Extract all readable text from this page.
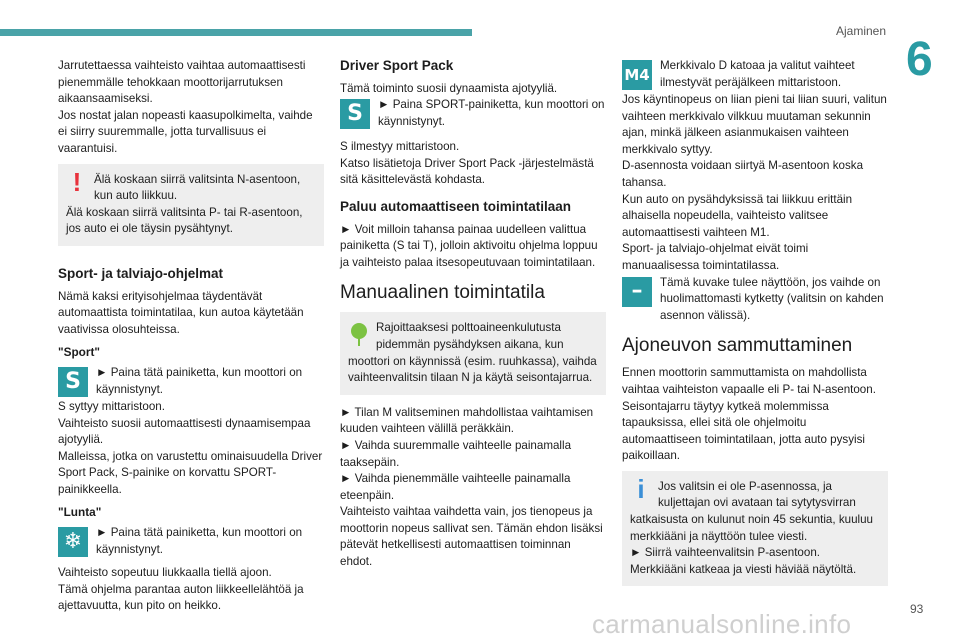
Ajaminen
6

Jarrutettaessa vaihteisto vaihtaa automaattisesti pienemmälle tehokkaan moottorijarrutuksen aikaansaamiseksi.

Jos nostat jalan nopeasti kaasupolkimelta, vaihde ei siirry suuremmalle, jotta turvallisuus ei vaarantuisi.

!	Älä koskaan siirrä valitsinta N-asentoon, kun auto liikkuu.
Älä koskaan siirrä valitsinta P- tai R-asentoon, jos auto ei ole täysin pysähtynyt.

Sport- ja talviajo-ohjelmat

Nämä kaksi erityisohjelmaa täydentävät automaattista toimintatilaa, kun autoa käytetään vaativissa olosuhteissa.

"Sport"
S	► Paina tätä painiketta, kun moottori on käynnistynyt.

S syttyy mittaristoon.
Vaihteisto suosii automaattisesti dynaamisempaa ajotyyliä.
Malleissa, jotka on varustettu ominaisuudella Driver Sport Pack, S-painike on korvattu SPORT-painikkeella.

"Lunta"
❄	► Paina tätä painiketta, kun moottori on käynnistynyt.

Vaihteisto sopeutuu liukkaalla tiellä ajoon.
Tämä ohjelma parantaa auton liikkeellelähtöä ja ajettavuutta, kun pito on heikko.

Driver Sport Pack

Tämä toiminto suosii dynaamista ajotyyliä.

S	► Paina SPORT-painiketta, kun moottori on käynnistynyt.

S ilmestyy mittaristoon.
Katso lisätietoja Driver Sport Pack -järjestelmästä sitä käsittelevästä kohdasta.

Paluu automaattiseen toimintatilaan

► Voit milloin tahansa painaa uudelleen valittua painiketta (S tai T), jolloin aktivoitu ohjelma loppuu ja vaihteisto palaa itsesopeutuvaan toimintatilaan.

Manuaalinen toimintatila

Rajoittaaksesi polttoaineenkulutusta pidemmän pysähdyksen aikana, kun moottori on käynnissä (esim. ruuhkassa), vaihda vaihteenvalitsin tilaan N ja käytä seisontajarrua.

► Tilan M valitseminen mahdollistaa vaihtamisen kuuden vaihteen välillä peräkkäin.
► Vaihda suuremmalle vaihteelle painamalla taaksepäin.
► Vaihda pienemmälle vaihteelle painamalla eteenpäin.
Vaihteisto vaihtaa vaihdetta vain, jos tienopeus ja moottorin nopeus sallivat sen. Tämän ehdon lisäksi pätevät hetkellisesti automaattisen toiminnan ehdot.

M4

Merkkivalo D katoaa ja valitut vaihteet ilmestyvät peräjälkeen mittaristoon.

Jos käyntinopeus on liian pieni tai liian suuri, valitun vaihteen merkkivalo vilkkuu muutaman sekunnin ajan, minkä jälkeen asianmukaisen vaihteen merkkivalo syttyy.
D-asennosta voidaan siirtyä M-asentoon koska tahansa.
Kun auto on pysähdyksissä tai liikkuu erittäin alhaisella nopeudella, vaihteisto valitsee automaattisesti vaihteen M1.
Sport- ja talviajo-ohjelmat eivät toimi manuaalisessa toimintatilassa.

–	Tämä kuvake tulee näyttöön, jos vaihde on huolimattomasti kytketty (valitsin on kahden asennon välissä).

Ajoneuvon sammuttaminen

Ennen moottorin sammuttamista on mahdollista vaihtaa vaihteiston vapaalle eli P- tai N-asentoon.
Seisontajarru täytyy kytkeä molemmissa tapauksissa, ellei sitä ole ohjelmoitu automaattiseen toimintatilaan, jotta auto pysyisi paikoillaan.

i	Jos valitsin ei ole P-asennossa, ja kuljettajan ovi avataan tai sytytysvirran katkaisusta on kulunut noin 45 sekuntia, kuuluu merkkiääni ja näyttöön tulee viesti.
► Siirrä vaihteenvalitsin P-asentoon.
Merkkiääni katkeaa ja viesti häviää näytöltä.

carmanualsonline.info	93
